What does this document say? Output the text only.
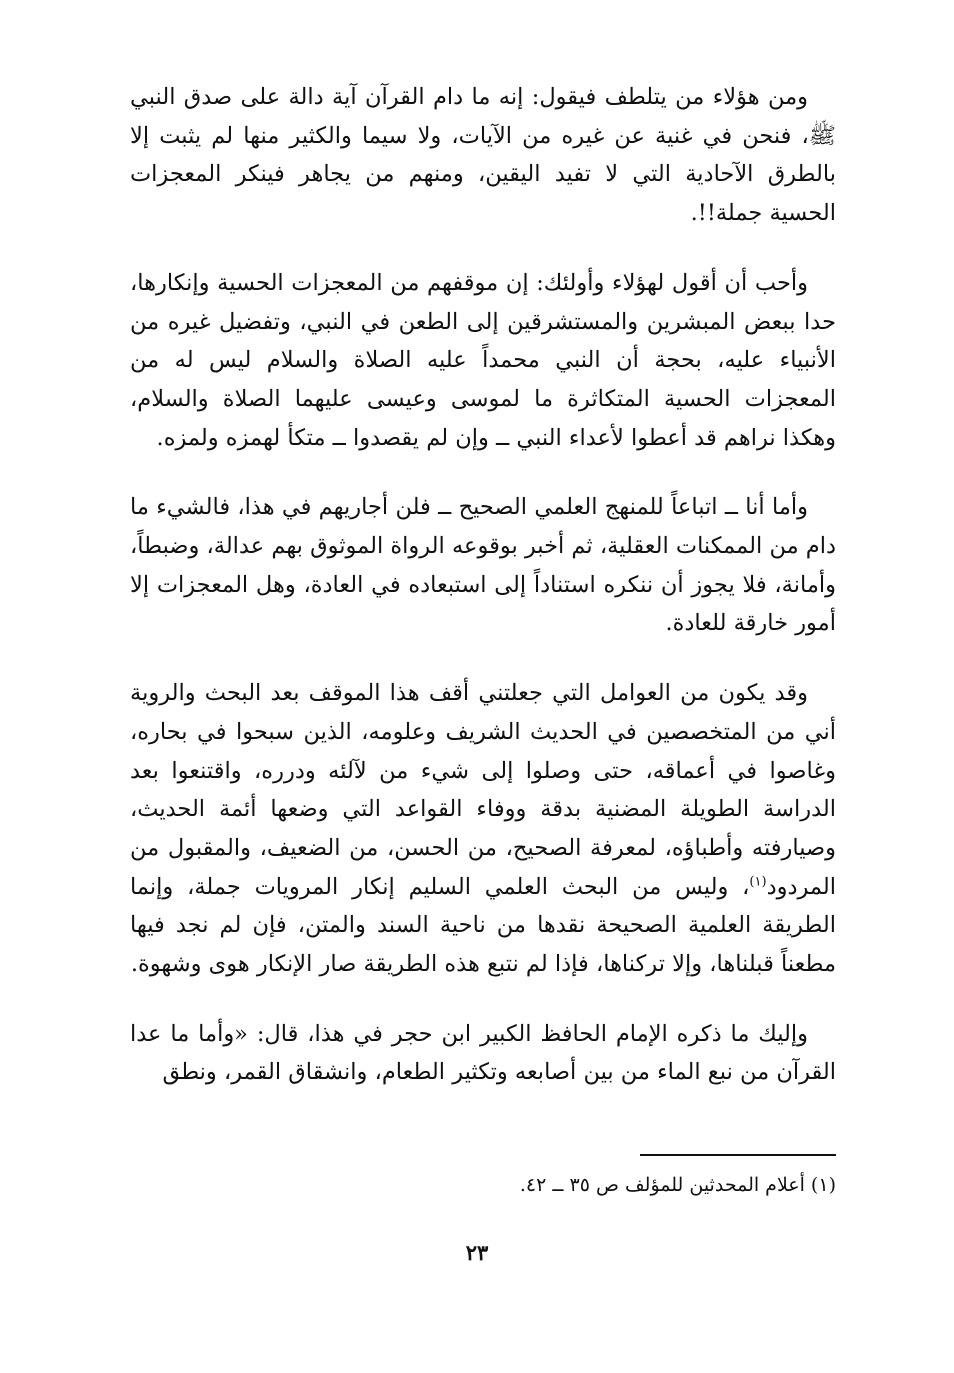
ومن هؤلاء من يتلطف فيقول: إنه ما دام القرآن آية دالة على صدق النبي ﷺ، فنحن في غنية عن غيره من الآيات، ولا سيما والكثير منها لم يثبت إلا بالطرق الآحادية التي لا تفيد اليقين، ومنهم من يجاهر فينكر المعجزات الحسية جملة!!.

وأحب أن أقول لهؤلاء وأولئك: إن موقفهم من المعجزات الحسية وإنكارها، حدا ببعض المبشرين والمستشرقين إلى الطعن في النبي، وتفضيل غيره من الأنبياء عليه، بحجة أن النبي محمداً عليه الصلاة والسلام ليس له من المعجزات الحسية المتكاثرة ما لموسى وعيسى عليهما الصلاة والسلام، وهكذا نراهم قد أعطوا لأعداء النبي ــ وإن لم يقصدوا ــ متكأ لهمزه ولمزه.

وأما أنا ــ اتباعاً للمنهج العلمي الصحيح ــ فلن أجاريهم في هذا، فالشيء ما دام من الممكنات العقلية، ثم أخبر بوقوعه الرواة الموثوق بهم عدالة، وضبطاً، وأمانة، فلا يجوز أن ننكره استناداً إلى استبعاده في العادة، وهل المعجزات إلا أمور خارقة للعادة.

وقد يكون من العوامل التي جعلتني أقف هذا الموقف بعد البحث والروية أني من المتخصصين في الحديث الشريف وعلومه، الذين سبحوا في بحاره، وغاصوا في أعماقه، حتى وصلوا إلى شيء من لآلئه ودرره، واقتنعوا بعد الدراسة الطويلة المضنية بدقة ووفاء القواعد التي وضعها أئمة الحديث، وصيارفته وأطباؤه، لمعرفة الصحيح، من الحسن، من الضعيف، والمقبول من المردود$^{(١)}$، وليس من البحث العلمي السليم إنكار المرويات جملة، وإنما الطريقة العلمية الصحيحة نقدها من ناحية السند والمتن، فإن لم نجد فيها مطعناً قبلناها، وإلا تركناها، فإذا لم نتبع هذه الطريقة صار الإنكار هوى وشهوة.

وإليك ما ذكره الإمام الحافظ الكبير ابن حجر في هذا، قال: «وأما ما عدا القرآن من نبع الماء من بين أصابعه وتكثير الطعام، وانشقاق القمر، ونطق

(١) أعلام المحدثين للمؤلف ص ٣٥ ــ ٤٢.
٢٣
